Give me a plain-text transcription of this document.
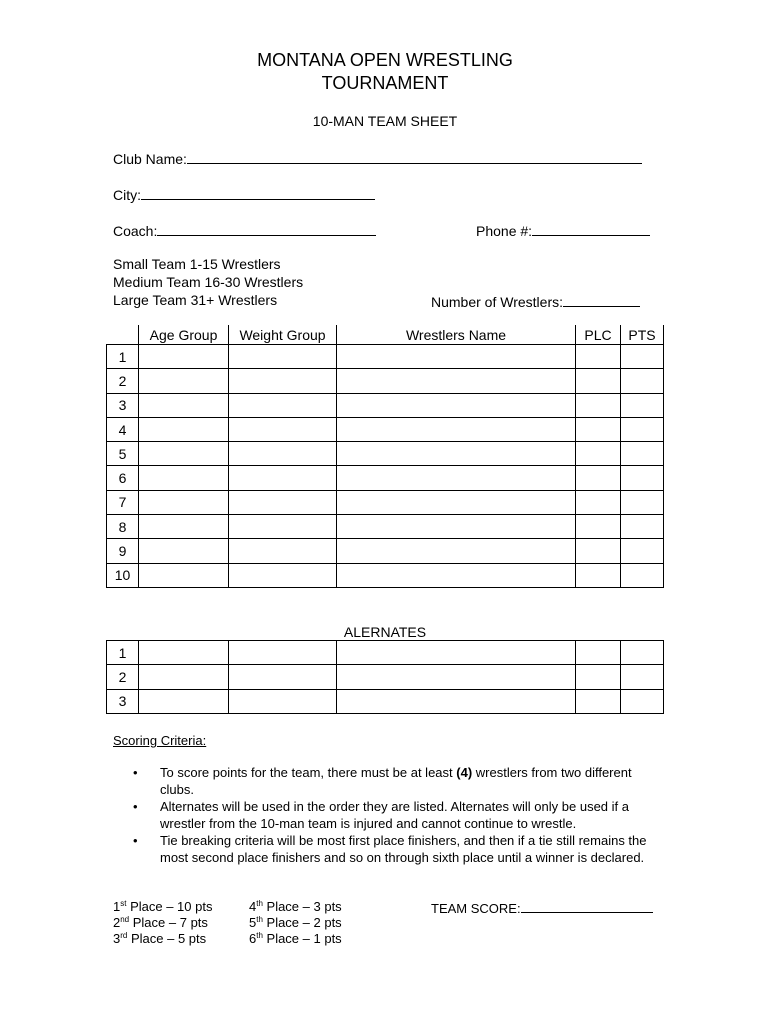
MONTANA OPEN WRESTLING
TOURNAMENT
10-MAN TEAM SHEET
Club Name:
City:
Coach:	Phone #:
Small Team 1-15 Wrestlers
Medium Team 16-30 Wrestlers
Large Team 31+ Wrestlers	Number of Wrestlers:
	Age Group	Weight Group	Wrestlers Name	PLC	PTS
1					
2					
3					
4					
5					
6					
7					
8					
9					
10					
ALERNATES
1					
2					
3					
Scoring Criteria:
• To score points for the team, there must be at least (4) wrestlers from two different clubs.
• Alternates will be used in the order they are listed. Alternates will only be used if a wrestler from the 10-man team is injured and cannot continue to wrestle.
• Tie breaking criteria will be most first place finishers, and then if a tie still remains the most second place finishers and so on through sixth place until a winner is declared.
1st Place – 10 pts
2nd Place – 7 pts
3rd Place – 5 pts
4th Place – 3 pts
5th Place – 2 pts
6th Place – 1 pts
TEAM SCORE:
